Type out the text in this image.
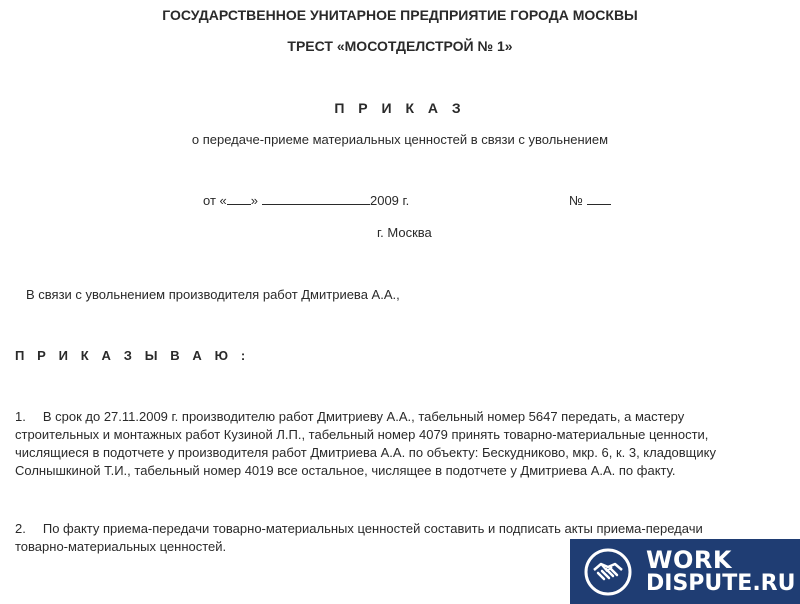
ГОСУДАРСТВЕННОЕ УНИТАРНОЕ ПРЕДПРИЯТИЕ ГОРОДА МОСКВЫ
ТРЕСТ «МОСОТДЕЛСТРОЙ № 1»
П Р И К А З
о передаче-приеме материальных ценностей в связи с увольнением
от « »	2009 г.	№
г. Москва
В связи с увольнением производителя работ Дмитриева А.А.,
П Р И К А З Ы В А Ю :
1. В срок до 27.11.2009 г. производителю работ Дмитриеву А.А., табельный номер 5647 передать, а мастеру
строительных и монтажных работ Кузиной Л.П., табельный номер 4079 принять товарно-материальные ценности,
числящиеся в подотчете у производителя работ Дмитриева А.А. по объекту: Бескудниково, мкр. 6, к. 3, кладовщику
Солнышкиной Т.И., табельный номер 4019 все остальное, числящее в подотчете у Дмитриева А.А. по факту.
2. По факту приема-передачи товарно-материальных ценностей составить и подписать акты приема-передачи
товарно-материальных ценностей.	WORK
DISPUTE.RU
